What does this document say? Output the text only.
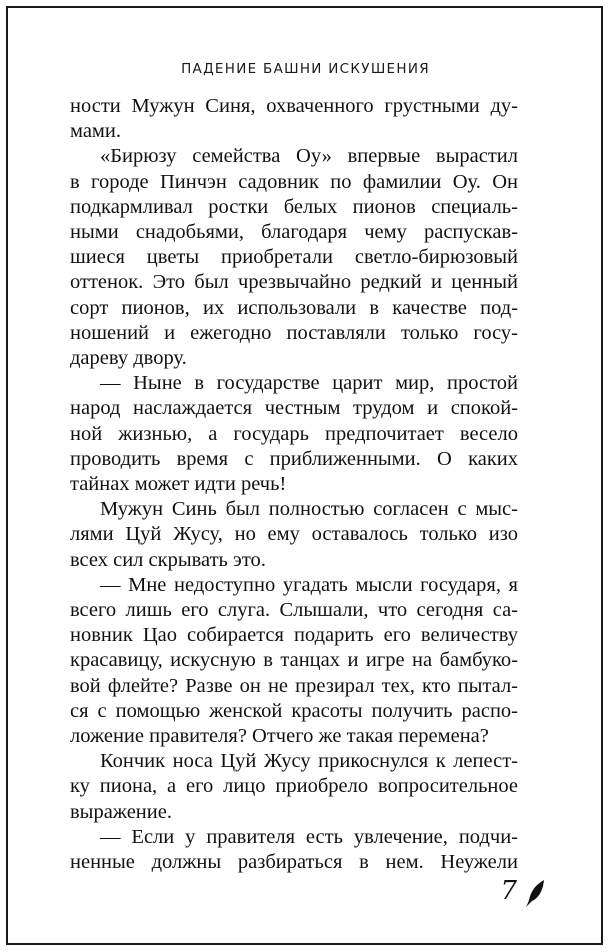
ПАДЕНИЕ БАШНИ ИСКУШЕНИЯ

ности Мужун Синя, охваченного грустными ду-

мами.

«Бирюзу семейства Оу» впервые вырастил

в городе Пинчэн садовник по фамилии Оу. Он

подкармливал ростки белых пионов специаль-

ными снадобьями, благодаря чему распускав-

шиеся цветы приобретали светло-бирюзовый

оттенок. Это был чрезвычайно редкий и ценный

сорт пионов, их использовали в качестве под-

ношений и ежегодно поставляли только госу-

дареву двору.

— Ныне в государстве царит мир, простой

народ наслаждается честным трудом и спокой-

ной жизнью, а государь предпочитает весело

проводить время с приближенными. О каких

тайнах может идти речь!

Мужун Синь был полностью согласен с мыс-

лями Цуй Жусу, но ему оставалось только изо

всех сил скрывать это.

— Мне недоступно угадать мысли государя, я

всего лишь его слуга. Слышали, что сегодня са-

новник Цао собирается подарить его величеству

красавицу, искусную в танцах и игре на бамбуко-

вой флейте? Разве он не презирал тех, кто пытал-

ся с помощью женской красоты получить распо-

ложение правителя? Отчего же такая перемена?

Кончик носа Цуй Жусу прикоснулся к лепест-

ку пиона, а его лицо приобрело вопросительное

выражение.

— Если у правителя есть увлечение, подчи-

ненные должны разбираться в нем. Неужели

7
